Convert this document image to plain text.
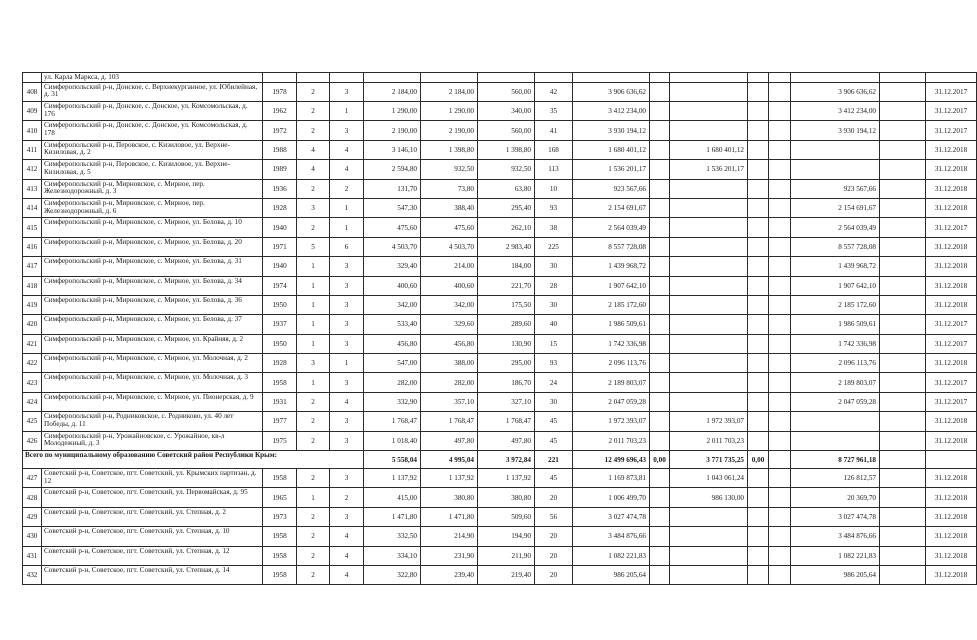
	ул. Карла Маркса, д. 103															
408	Симферопольский р-н, Донское, с. Верхнекурганное, ул. Юбилейная, д. 31	1978	2	3	2 184,00	2 184,00	560,00	42	3 906 636,62					3 906 636,62		31.12.2017
409	Симферопольский р-н, Донское, с. Донское, ул. Комсомольская, д. 176	1962	2	1	1 290,00	1 290,00	340,00	35	3 412 234,00					3 412 234,00		31.12.2017
410	Симферопольский р-н, Донское, с. Донское, ул. Комсомольская, д. 178	1972	2	3	2 190,00	2 190,00	560,00	41	3 930 194,12					3 930 194,12		31.12.2017
411	Симферопольский р-н, Перовское, с. Кизиловое, ул. Верхне-Кизиловая, д. 2	1988	4	4	3 146,10	1 398,80	1 398,80	168	1 680 401,12		1 680 401,12					31.12.2018
412	Симферопольский р-н, Перовское, с. Кизиловое, ул. Верхне-Кизиловая, д. 5	1989	4	4	2 594,80	932,50	932,50	113	1 536 201,17		1 536 201,17					31.12.2018
413	Симферопольский р-н, Мирновское, с. Мирное, пер. Железнодорожный, д. 3	1936	2	2	131,70	73,80	63,80	10	923 567,66					923 567,66		31.12.2018
414	Симферопольский р-н, Мирновское, с. Мирное, пер. Железнодорожный, д. 6	1928	3	1	547,30	388,40	295,40	93	2 154 691,67					2 154 691,67		31.12.2018
415	Симферопольский р-н, Мирновское, с. Мирное, ул. Белова, д. 10	1940	2	1	475,60	475,60	262,10	38	2 564 039,49					2 564 039,49		31.12.2017
416	Симферопольский р-н, Мирновское, с. Мирное, ул. Белова, д. 20	1971	5	6	4 503,70	4 503,70	2 983,40	225	8 557 728,08					8 557 728,08		31.12.2018
417	Симферопольский р-н, Мирновское, с. Мирное, ул. Белова, д. 31	1940	1	3	329,40	214,00	184,00	30	1 439 968,72					1 439 968,72		31.12.2018
418	Симферопольский р-н, Мирновское, с. Мирное, ул. Белова, д. 34	1974	1	3	400,60	400,60	221,70	28	1 907 642,10					1 907 642,10		31.12.2018
419	Симферопольский р-н, Мирновское, с. Мирное, ул. Белова, д. 36	1950	1	3	342,00	342,00	175,50	30	2 185 172,60					2 185 172,60		31.12.2018
420	Симферопольский р-н, Мирновское, с. Мирное, ул. Белова, д. 37	1937	1	3	533,40	329,60	289,60	40	1 986 509,61					1 986 509,61		31.12.2017
421	Симферопольский р-н, Мирновское, с. Мирное, ул. Крайняя, д. 2	1950	1	3	456,80	456,80	130,90	15	1 742 336,98					1 742 336,98		31.12.2017
422	Симферопольский р-н, Мирновское, с. Мирное, ул. Молочная, д. 2	1928	3	1	547,00	388,00	295,00	93	2 096 113,76					2 096 113,76		31.12.2018
423	Симферопольский р-н, Мирновское, с. Мирное, ул. Молочная, д. 3	1958	1	3	282,00	282,00	186,70	24	2 189 803,07					2 189 803,07		31.12.2017
424	Симферопольский р-н, Мирновское, с. Мирное, ул. Пионерская, д. 9	1931	2	4	332,90	357,10	327,10	30	2 047 059,28					2 047 059,28		31.12.2017
425	Симферопольский р-н, Родниковское, с. Родниково, ул. 40 лет Победы, д. 11	1977	2	3	1 768,47	1 768,47	1 768,47	45	1 972 393,07		1 972 393,07					31.12.2018
426	Симферопольский р-н, Урожайновское, с. Урожайное, кв-л Молодежный, д. 3	1975	2	3	1 018,40	497,80	497,80	45	2 011 703,23		2 011 703,23					31.12.2018
Всего по муниципальному образованию Советский район Республики Крым:					5 558,04	4 995,04	3 972,84	221	12 499 696,43	0,00	3 771 735,25	0,00		8 727 961,18		
427	Советский р-н, Советское, пгт. Советский, ул. Крымских партизан, д. 12	1958	2	3	1 137,92	1 137,92	1 137,92	45	1 169 873,81		1 043 061,24			126 812,57		31.12.2018
428	Советский р-н, Советское, пгт. Советский, ул. Первомайская, д. 95	1965	1	2	415,00	380,80	380,80	20	1 006 499,70		986 130,00			20 369,70		31.12.2018
429	Советский р-н, Советское, пгт. Советский, ул. Степная, д. 2	1973	2	3	1 471,80	1 471,80	509,60	56	3 027 474,78					3 027 474,78		31.12.2018
430	Советский р-н, Советское, пгт. Советский, ул. Степная, д. 10	1958	2	4	332,50	214,90	194,90	20	3 484 876,66					3 484 876,66		31.12.2018
431	Советский р-н, Советское, пгт. Советский, ул. Степная, д. 12	1958	2	4	334,10	231,90	211,90	20	1 082 221,83					1 082 221,83		31.12.2018
432	Советский р-н, Советское, пгт. Советский, ул. Степная, д. 14	1958	2	4	322,80	239,40	219,40	20	986 205,64					986 205,64		31.12.2018
